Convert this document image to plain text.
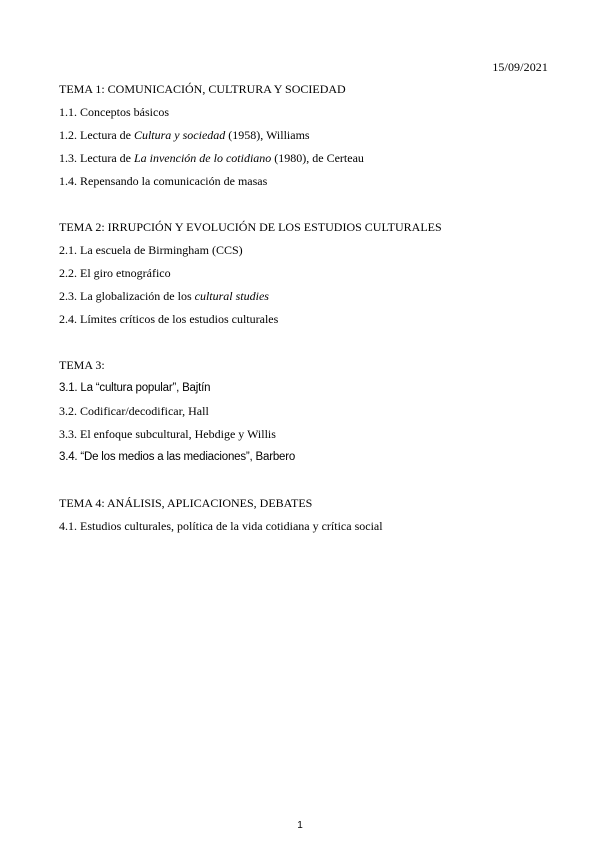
15/09/2021
TEMA 1: COMUNICACIÓN, CULTRURA Y SOCIEDAD
1.1. Conceptos básicos
1.2. Lectura de Cultura y sociedad (1958), Williams
1.3. Lectura de La invención de lo cotidiano (1980), de Certeau
1.4. Repensando la comunicación de masas
TEMA 2: IRRUPCIÓN Y EVOLUCIÓN DE LOS ESTUDIOS CULTURALES
2.1. La escuela de Birmingham (CCS)
2.2. El giro etnográfico
2.3. La globalización de los cultural studies
2.4. Límites críticos de los estudios culturales
TEMA 3:
3.1. La “cultura popular”, Bajtín
3.2. Codificar/decodificar, Hall
3.3. El enfoque subcultural, Hebdige y Willis
3.4. “De los medios a las mediaciones”, Barbero
TEMA 4: ANÁLISIS, APLICACIONES, DEBATES
4.1. Estudios culturales, política de la vida cotidiana y crítica social
1
